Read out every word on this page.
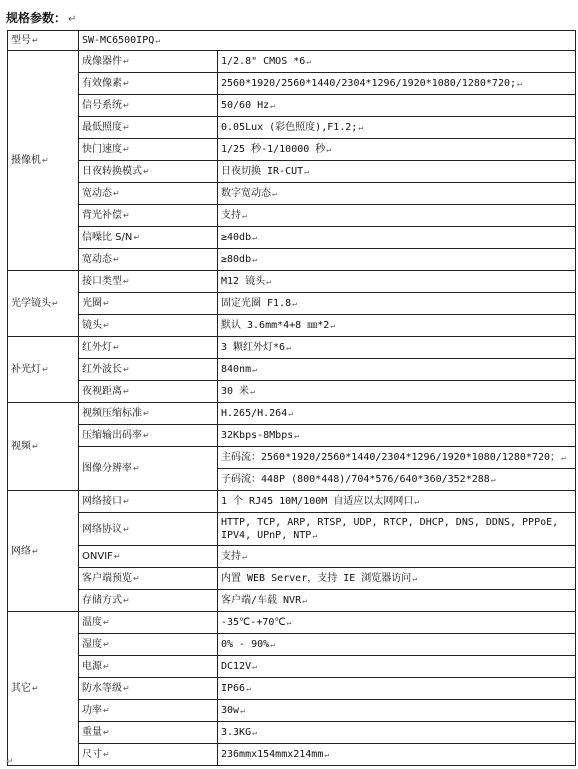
规格参数： ↵
型号↵	SW-MC6500IPQ↵	
摄像机↵	成像器件↵	1/2.8" CMOS *6↵
	有效像素↵	2560*1920/2560*1440/2304*1296/1920*1080/1280*720;↵
	信号系统↵	50/60 Hz↵
	最低照度↵	0.05Lux (彩色照度),F1.2;↵
	快门速度↵	1/25 秒-1/10000 秒↵
	日夜转换模式↵	日夜切换 IR-CUT↵
	宽动态↵	数字宽动态↵
	背光补偿↵	支持↵
	信噪比 S/N↵	≥40db↵
	宽动态↵	≥80db↵
光学镜头↵	接口类型↵	M12 镜头↵
	光圈↵	固定光圈 F1.8↵
	镜头↵	默认 3.6mm*4+8 ㎜*2↵
补光灯↵	红外灯↵	3 颗红外灯*6↵
	红外波长↵	840nm↵
	夜视距离↵	30 米↵
视频↵	视频压缩标准↵	H.265/H.264↵
	压缩输出码率↵	32Kbps-8Mbps↵
	图像分辨率↵	主码流：2560*1920/2560*1440/2304*1296/1920*1080/1280*720；↵
		子码流：448P (800*448)/704*576/640*360/352*288↵
网络↵	网络接口↵	1 个 RJ45 10M/100M 自适应以太网网口↵
	网络协议↵	HTTP, TCP, ARP, RTSP, UDP, RTCP, DHCP, DNS, DDNS, PPPoE, IPV4, UPnP, NTP↵
	ONVIF↵	支持↵
	客户端预览↵	内置 WEB Server，支持 IE 浏览器访问↵
	存储方式↵	客户端/车载 NVR↵
其它↵	温度↵	-35℃-+70℃↵
	湿度↵	0% - 90%↵
	电源↵	DC12V↵
	防水等级↵	IP66↵
	功率↵	30w↵
	重量↵	3.3KG↵
	尺寸↵	236mmx154mmx214mm↵
↵
